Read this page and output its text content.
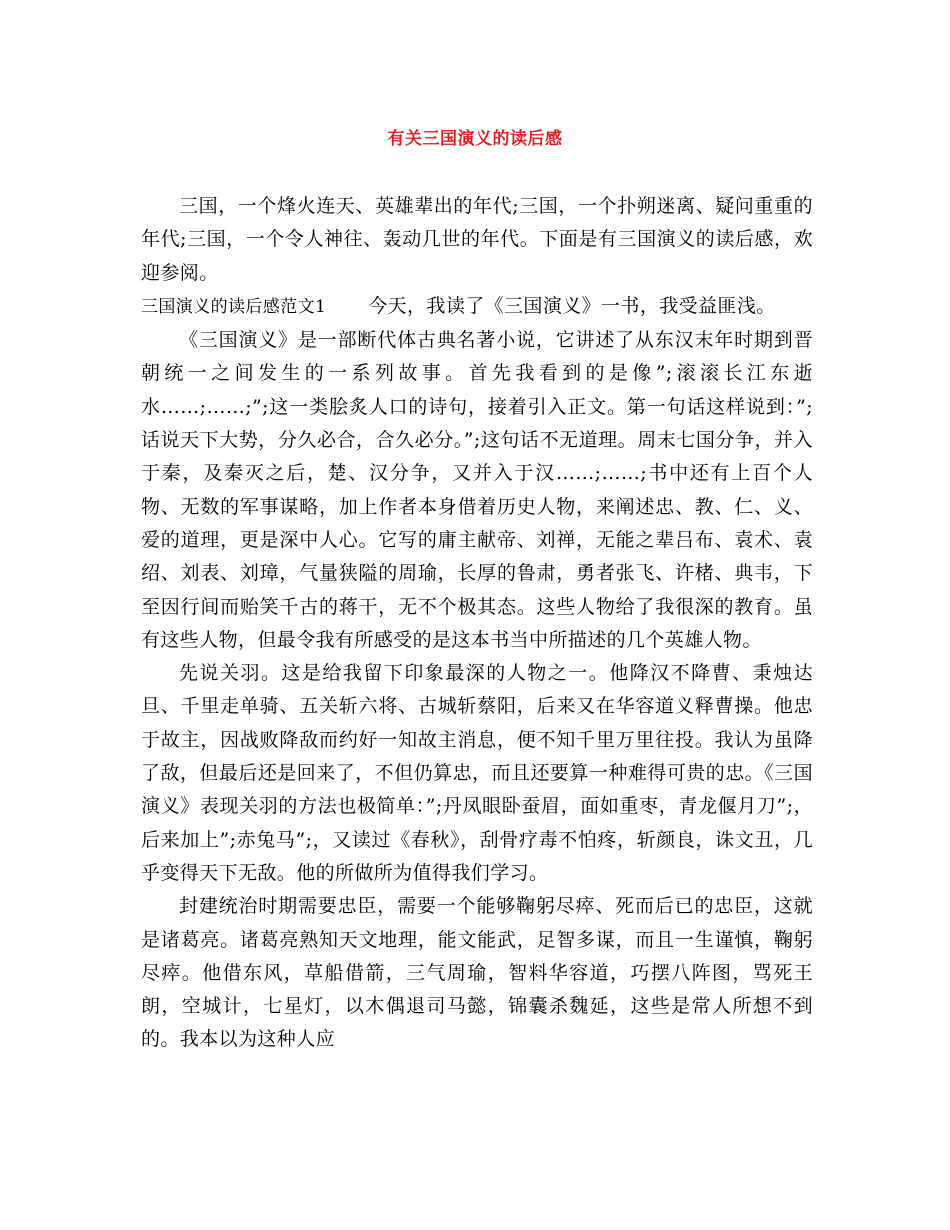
有关三国演义的读后感

三国，一个烽火连天、英雄辈出的年代;三国，一个扑朔迷离、疑问重重的年代;三国，一个令人神往、轰动几世的年代。下面是有三国演义的读后感，欢迎参阅。

三国演义的读后感范文1 今天，我读了《三国演义》一书，我受益匪浅。

《三国演义》是一部断代体古典名著小说，它讲述了从东汉末年时期到晋朝统一之间发生的一系列故事。首先我看到的是像”;滚滚长江东逝水……;……;”;这一类脍炙人口的诗句，接着引入正文。第一句话这样说到：”;话说天下大势，分久必合，合久必分。”;这句话不无道理。周末七国分争，并入于秦，及秦灭之后，楚、汉分争，又并入于汉……;……;书中还有上百个人物、无数的军事谋略，加上作者本身借着历史人物，来阐述忠、教、仁、义、爱的道理，更是深中人心。它写的庸主献帝、刘禅，无能之辈吕布、袁术、袁绍、刘表、刘璋，气量狭隘的周瑜，长厚的鲁肃，勇者张飞、许楮、典韦，下至因行间而贻笑千古的蒋干，无不个极其态。这些人物给了我很深的教育。虽有这些人物，但最令我有所感受的是这本书当中所描述的几个英雄人物。

先说关羽。这是给我留下印象最深的人物之一。他降汉不降曹、秉烛达旦、千里走单骑、五关斩六将、古城斩蔡阳，后来又在华容道义释曹操。他忠于故主，因战败降敌而约好一知故主消息，便不知千里万里往投。我认为虽降了敌，但最后还是回来了，不但仍算忠，而且还要算一种难得可贵的忠。《三国演义》表现关羽的方法也极简单：”;丹凤眼卧蚕眉，面如重枣，青龙偃月刀”;，后来加上”;赤兔马”;，又读过《春秋》，刮骨疗毒不怕疼，斩颜良，诛文丑，几乎变得天下无敌。他的所做所为值得我们学习。

封建统治时期需要忠臣，需要一个能够鞠躬尽瘁、死而后已的忠臣，这就是诸葛亮。诸葛亮熟知天文地理，能文能武，足智多谋，而且一生谨慎，鞠躬尽瘁。他借东风，草船借箭，三气周瑜，智料华容道，巧摆八阵图，骂死王朗，空城计，七星灯，以木偶退司马懿，锦囊杀魏延，这些是常人所想不到的。我本以为这种人应
